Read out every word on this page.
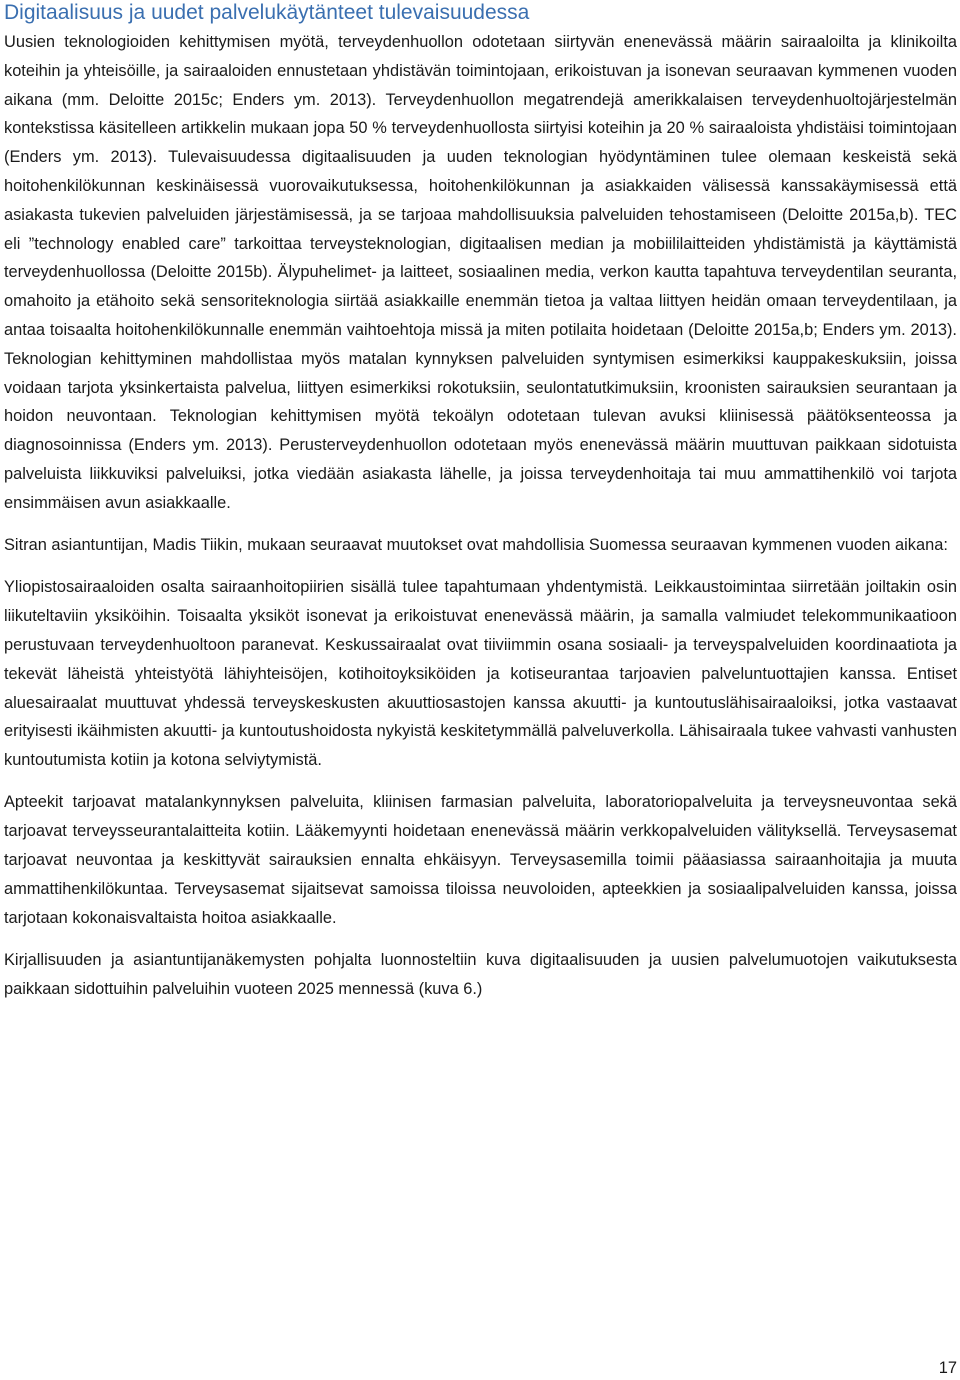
Digitaalisuus ja uudet palvelukäytänteet tulevaisuudessa

Uusien teknologioiden kehittymisen myötä, terveydenhuollon odotetaan siirtyvän enenevässä määrin sairaaloilta ja klinikoilta koteihin ja yhteisöille, ja sairaaloiden ennustetaan yhdistävän toimintojaan, erikoistuvan ja isonevan seuraavan kymmenen vuoden aikana (mm. Deloitte 2015c; Enders ym. 2013). Terveydenhuollon megatrendejä amerikkalaisen terveydenhuoltojärjestelmän kontekstissa käsitelleen artikkelin mukaan jopa 50 % terveydenhuollosta siirtyisi koteihin ja 20 % sairaaloista yhdistäisi toimintojaan (Enders ym. 2013). Tulevaisuudessa digitaalisuuden ja uuden teknologian hyödyntäminen tulee olemaan keskeistä sekä hoitohenkilökunnan keskinäisessä vuorovaikutuksessa, hoitohenkilökunnan ja asiakkaiden välisessä kanssakäymisessä että asiakasta tukevien palveluiden järjestämisessä, ja se tarjoaa mahdollisuuksia palveluiden tehostamiseen (Deloitte 2015a,b). TEC eli ”technology enabled care” tarkoittaa terveysteknologian, digitaalisen median ja mobiililaitteiden yhdistämistä ja käyttämistä terveydenhuollossa (Deloitte 2015b). Älypuhelimet- ja laitteet, sosiaalinen media, verkon kautta tapahtuva terveydentilan seuranta, omahoito ja etähoito sekä sensoriteknologia siirtää asiakkaille enemmän tietoa ja valtaa liittyen heidän omaan terveydentilaan, ja antaa toisaalta hoitohenkilökunnalle enemmän vaihtoehtoja missä ja miten potilaita hoidetaan (Deloitte 2015a,b; Enders ym. 2013). Teknologian kehittyminen mahdollistaa myös matalan kynnyksen palveluiden syntymisen esimerkiksi kauppakeskuksiin, joissa voidaan tarjota yksinkertaista palvelua, liittyen esimerkiksi rokotuksiin, seulontatutkimuksiin, kroonisten sairauksien seurantaan ja hoidon neuvontaan. Teknologian kehittymisen myötä tekoälyn odotetaan tulevan avuksi kliinisessä päätöksenteossa ja diagnosoinnissa (Enders ym. 2013). Perusterveydenhuollon odotetaan myös enenevässä määrin muuttuvan paikkaan sidotuista palveluista liikkuviksi palveluiksi, jotka viedään asiakasta lähelle, ja joissa terveydenhoitaja tai muu ammattihenkilö voi tarjota ensimmäisen avun asiakkaalle.

Sitran asiantuntijan, Madis Tiikin, mukaan seuraavat muutokset ovat mahdollisia Suomessa seuraavan kymmenen vuoden aikana:

Yliopistosairaaloiden osalta sairaanhoitopiirien sisällä tulee tapahtumaan yhdentymistä. Leikkaustoimintaa siirretään joiltakin osin liikuteltaviin yksiköihin. Toisaalta yksiköt isonevat ja erikoistuvat enenevässä määrin, ja samalla valmiudet telekommunikaatioon perustuvaan terveydenhuoltoon paranevat. Keskussairaalat ovat tiiviimmin osana sosiaali- ja terveyspalveluiden koordinaatiota ja tekevät läheistä yhteistyötä lähiyhteisöjen, kotihoitoyksiköiden ja kotiseurantaa tarjoavien palveluntuottajien kanssa. Entiset aluesairaalat muuttuvat yhdessä terveyskeskusten akuuttiosastojen kanssa akuutti- ja kuntoutuslähisairaaloiksi, jotka vastaavat erityisesti ikäihmisten akuutti- ja kuntoutushoidosta nykyistä keskitetymmällä palveluverkolla. Lähisairaala tukee vahvasti vanhusten kuntoutumista kotiin ja kotona selviytymistä.

Apteekit tarjoavat matalankynnyksen palveluita, kliinisen farmasian palveluita, laboratoriopalveluita ja terveysneuvontaa sekä tarjoavat terveysseurantalaitteita kotiin. Lääkemyynti hoidetaan enenevässä määrin verkkopalveluiden välityksellä. Terveysasemat tarjoavat neuvontaa ja keskittyvät sairauksien ennalta ehkäisyyn. Terveysasemilla toimii pääasiassa sairaanhoitajia ja muuta ammattihenkilökuntaa. Terveysasemat sijaitsevat samoissa tiloissa neuvoloiden, apteekkien ja sosiaalipalveluiden kanssa, joissa tarjotaan kokonaisvaltaista hoitoa asiakkaalle.

Kirjallisuuden ja asiantuntijanäkemysten pohjalta luonnosteltiin kuva digitaalisuuden ja uusien palvelumuotojen vaikutuksesta paikkaan sidottuihin palveluihin vuoteen 2025 mennessä (kuva 6.)

17
